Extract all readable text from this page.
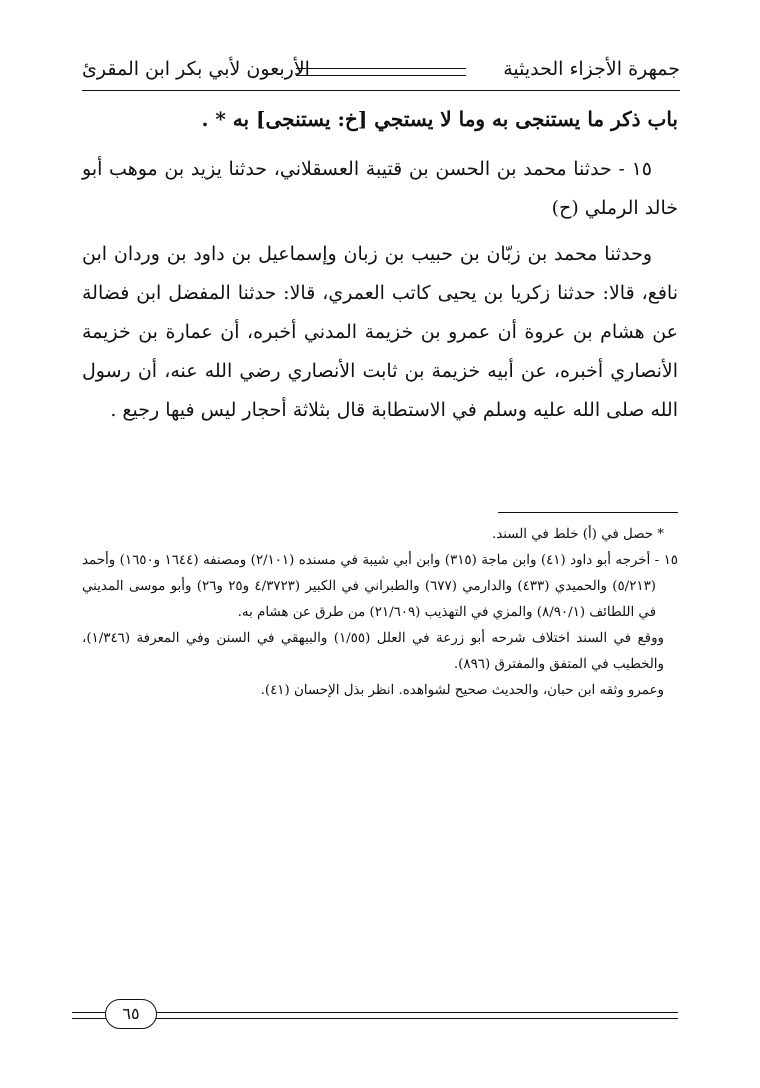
جمهرة الأجزاء الحديثية
الأربعون لأبي بكر ابن المقرئ
باب ذكر ما يستنجى به وما لا يستجي [خ: يستنجى] به * .

١٥ - حدثنا محمد بن الحسن بن قتيبة العسقلاني، حدثنا يزيد بن موهب أبو خالد الرملي (ح)

وحدثنا محمد بن زبّان بن حبيب بن زبان وإسماعيل بن داود بن وردان ابن نافع، قالا: حدثنا زكريا بن يحيى كاتب العمري، قالا: حدثنا المفضل ابن فضالة عن هشام بن عروة أن عمرو بن خزيمة المدني أخبره، أن عمارة بن خزيمة الأنصاري أخبره، عن أبيه خزيمة بن ثابت الأنصاري رضي الله عنه، أن رسول الله صلى الله عليه وسلم في الاستطابة قال بثلاثة أحجار ليس فيها رجيع .

* حصل في (أ) خلط في السند.

١٥ - أخرجه أبو داود (٤١) وابن ماجة (٣١٥) وابن أبي شيبة في مسنده (٢/١٠١) ومصنفه (١٦٤٤ و١٦٥٠) وأحمد (٥/٢١٣) والحميدي (٤٣٣) والدارمي (٦٧٧) والطبراني في الكبير (٤/٣٧٢٣ و٢٥ و٢٦) وأبو موسى المديني في اللطائف (٨/٩٠/١) والمزي في التهذيب (٢١/٦٠٩) من طرق عن هشام به.

ووقع في السند اختلاف شرحه أبو زرعة في العلل (١/٥٥) والبيهقي في السنن وفي المعرفة (١/٣٤٦)، والخطيب في المتفق والمفترق (٨٩٦).

وعمرو وثقه ابن حبان، والحديث صحيح لشواهده. انظر بذل الإحسان (٤١).

٦٥
